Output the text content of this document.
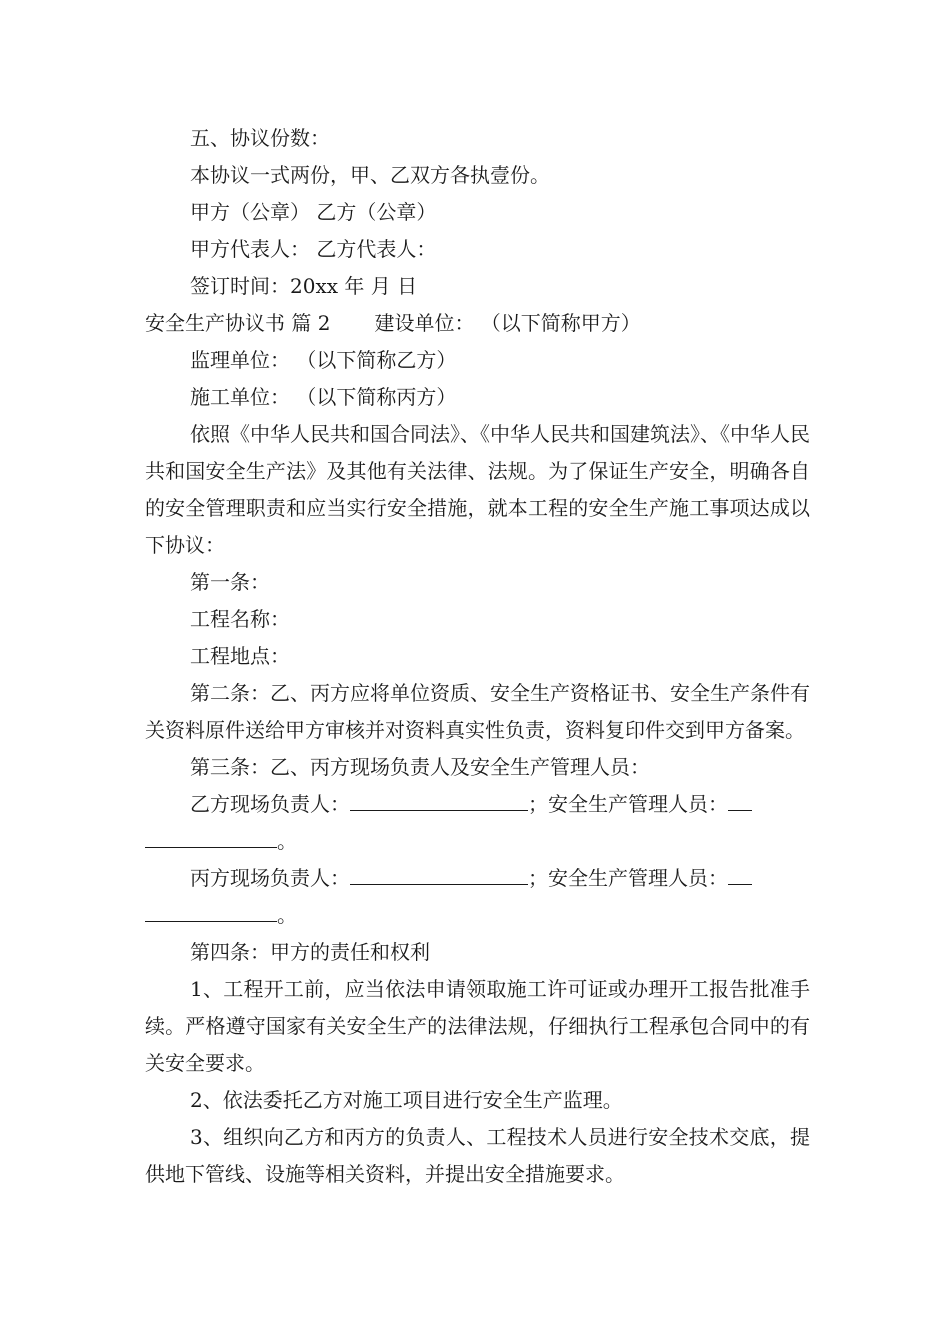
五、协议份数：

本协议一式两份，甲、乙双方各执壹份。

甲方（公章） 乙方（公章）

甲方代表人： 乙方代表人：

签订时间：20xx 年 月 日

安全生产协议书 篇 2 建设单位： （以下简称甲方）

监理单位： （以下简称乙方）

施工单位： （以下简称丙方）

依照《中华人民共和国合同法》、《中华人民共和国建筑法》、《中华人民共和国安全生产法》及其他有关法律、法规。为了保证生产安全，明确各自的安全管理职责和应当实行安全措施，就本工程的安全生产施工事项达成以下协议：

第一条：

工程名称：

工程地点：

第二条：乙、丙方应将单位资质、安全生产资格证书、安全生产条件有关资料原件送给甲方审核并对资料真实性负责，资料复印件交到甲方备案。

第三条：乙、丙方现场负责人及安全生产管理人员：

乙方现场负责人：	；安全生产管理人员：
。

丙方现场负责人：	；安全生产管理人员：
。

第四条：甲方的责任和权利

1、工程开工前，应当依法申请领取施工许可证或办理开工报告批准手续。严格遵守国家有关安全生产的法律法规，仔细执行工程承包合同中的有关安全要求。

2、依法委托乙方对施工项目进行安全生产监理。

3、组织向乙方和丙方的负责人、工程技术人员进行安全技术交底，提供地下管线、设施等相关资料，并提出安全措施要求。
